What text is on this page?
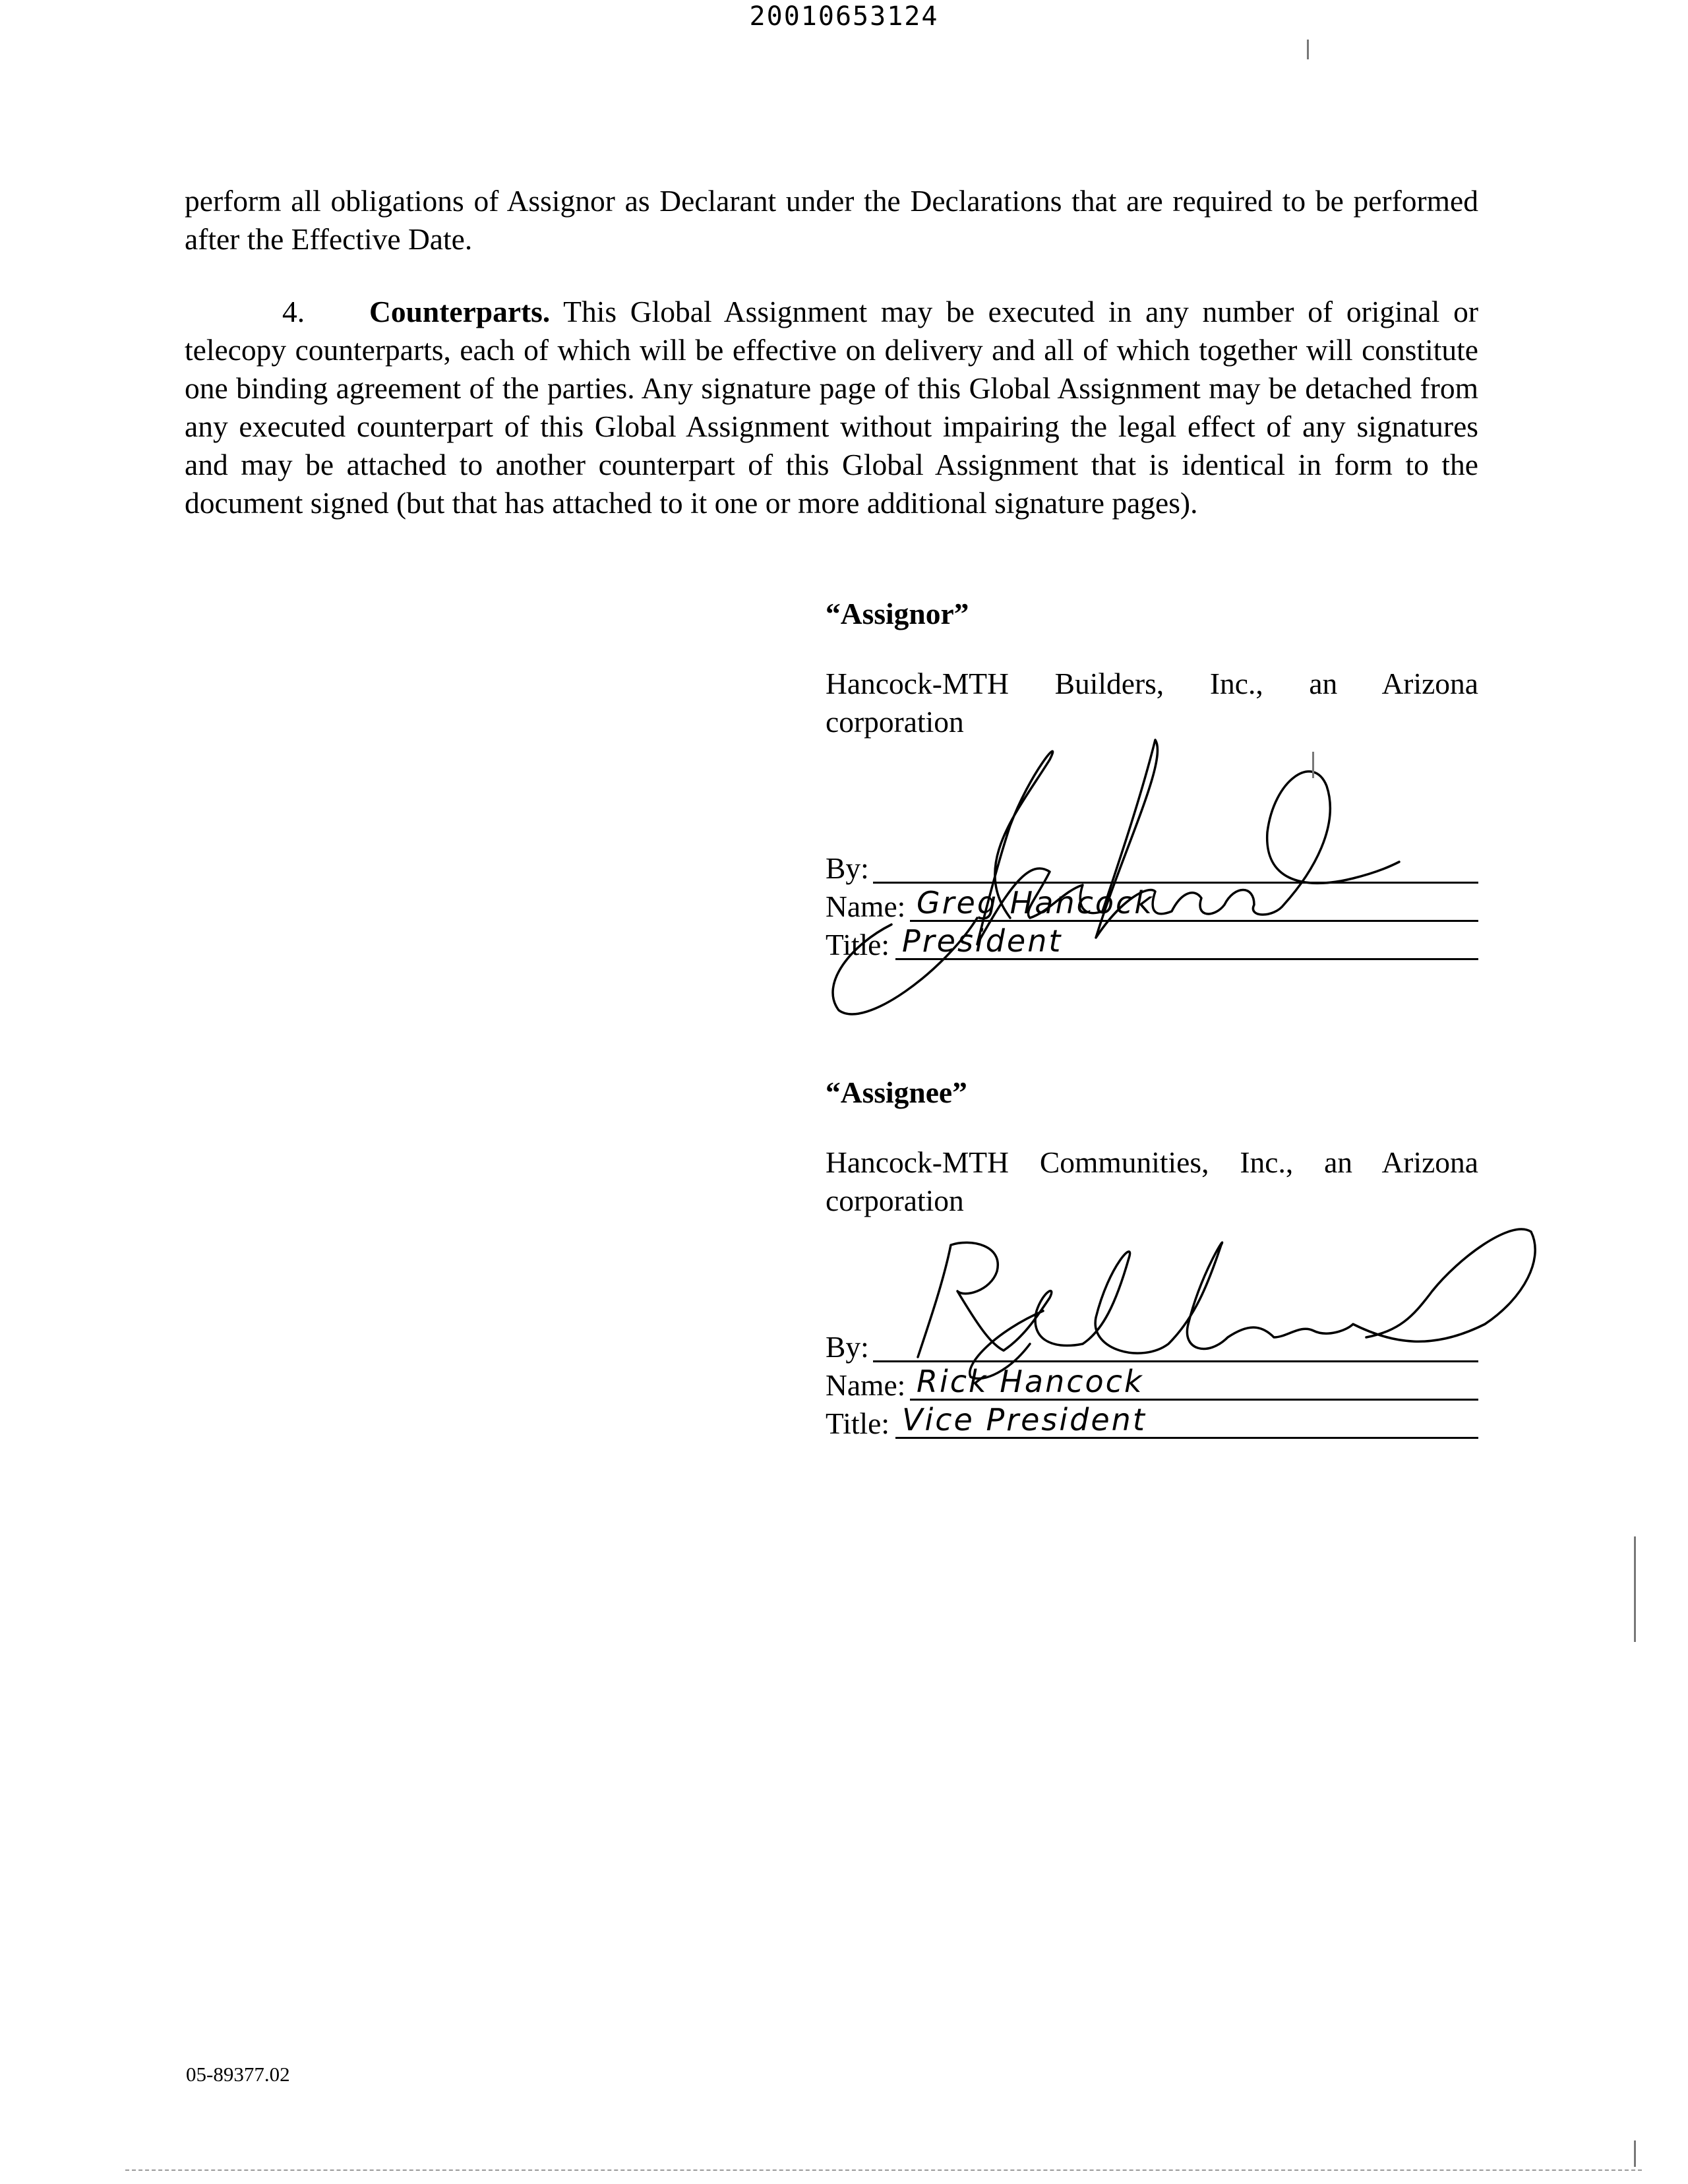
20010653124
perform all obligations of Assignor as Declarant under the Declarations that are required to be performed after the Effective Date.
4. Counterparts. This Global Assignment may be executed in any number of original or telecopy counterparts, each of which will be effective on delivery and all of which together will constitute one binding agreement of the parties. Any signature page of this Global Assignment may be detached from any executed counterpart of this Global Assignment without impairing the legal effect of any signatures and may be attached to another counterpart of this Global Assignment that is identical in form to the document signed (but that has attached to it one or more additional signature pages).
“Assignor”
Hancock-MTH Builders, Inc., an Arizona
corporation
By:
Name: Greg Hancock
Title: President
“Assignee”
Hancock-MTH Communities, Inc., an Arizona
corporation
By:
Name: Rick Hancock
Title: Vice President
05-89377.02
